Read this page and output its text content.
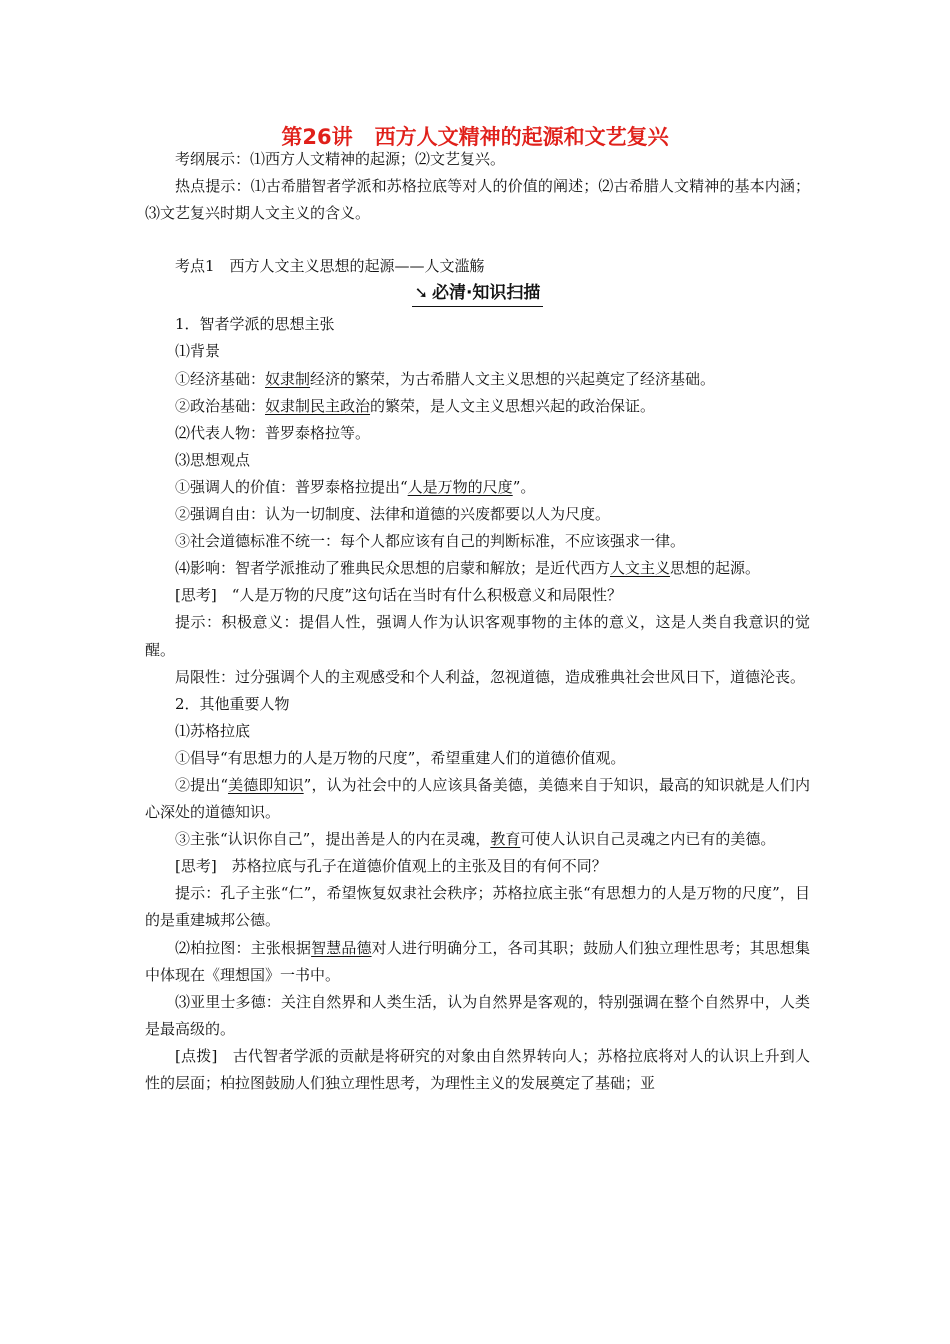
第26讲 西方人文精神的起源和文艺复兴

考纲展示：⑴西方人文精神的起源；⑵文艺复兴。

热点提示：⑴古希腊智者学派和苏格拉底等对人的价值的阐述；⑵古希腊人文精神的基本内涵；⑶文艺复兴时期人文主义的含义。

考点1　西方人文主义思想的起源——人文滥觞

➘ 必清·知识扫描

1．智者学派的思想主张

⑴背景

①经济基础：奴隶制经济的繁荣，为古希腊人文主义思想的兴起奠定了经济基础。

②政治基础：奴隶制民主政治的繁荣，是人文主义思想兴起的政治保证。

⑵代表人物：普罗泰格拉等。

⑶思想观点

①强调人的价值：普罗泰格拉提出“人是万物的尺度”。

②强调自由：认为一切制度、法律和道德的兴废都要以人为尺度。

③社会道德标准不统一：每个人都应该有自己的判断标准，不应该强求一律。

⑷影响：智者学派推动了雅典民众思想的启蒙和解放；是近代西方人文主义思想的起源。

[思考]　“人是万物的尺度”这句话在当时有什么积极意义和局限性？

提示：积极意义：提倡人性，强调人作为认识客观事物的主体的意义，这是人类自我意识的觉醒。

局限性：过分强调个人的主观感受和个人利益，忽视道德，造成雅典社会世风日下，道德沦丧。

2．其他重要人物

⑴苏格拉底

①倡导“有思想力的人是万物的尺度”，希望重建人们的道德价值观。

②提出“美德即知识”，认为社会中的人应该具备美德，美德来自于知识，最高的知识就是人们内心深处的道德知识。

③主张“认识你自己”，提出善是人的内在灵魂，教育可使人认识自己灵魂之内已有的美德。

[思考]　苏格拉底与孔子在道德价值观上的主张及目的有何不同？

提示：孔子主张“仁”，希望恢复奴隶社会秩序；苏格拉底主张“有思想力的人是万物的尺度”，目的是重建城邦公德。

⑵柏拉图：主张根据智慧品德对人进行明确分工，各司其职；鼓励人们独立理性思考；其思想集中体现在《理想国》一书中。

⑶亚里士多德：关注自然界和人类生活，认为自然界是客观的，特别强调在整个自然界中，人类是最高级的。

[点拨]　古代智者学派的贡献是将研究的对象由自然界转向人；苏格拉底将对人的认识上升到人性的层面；柏拉图鼓励人们独立理性思考，为理性主义的发展奠定了基础；亚
